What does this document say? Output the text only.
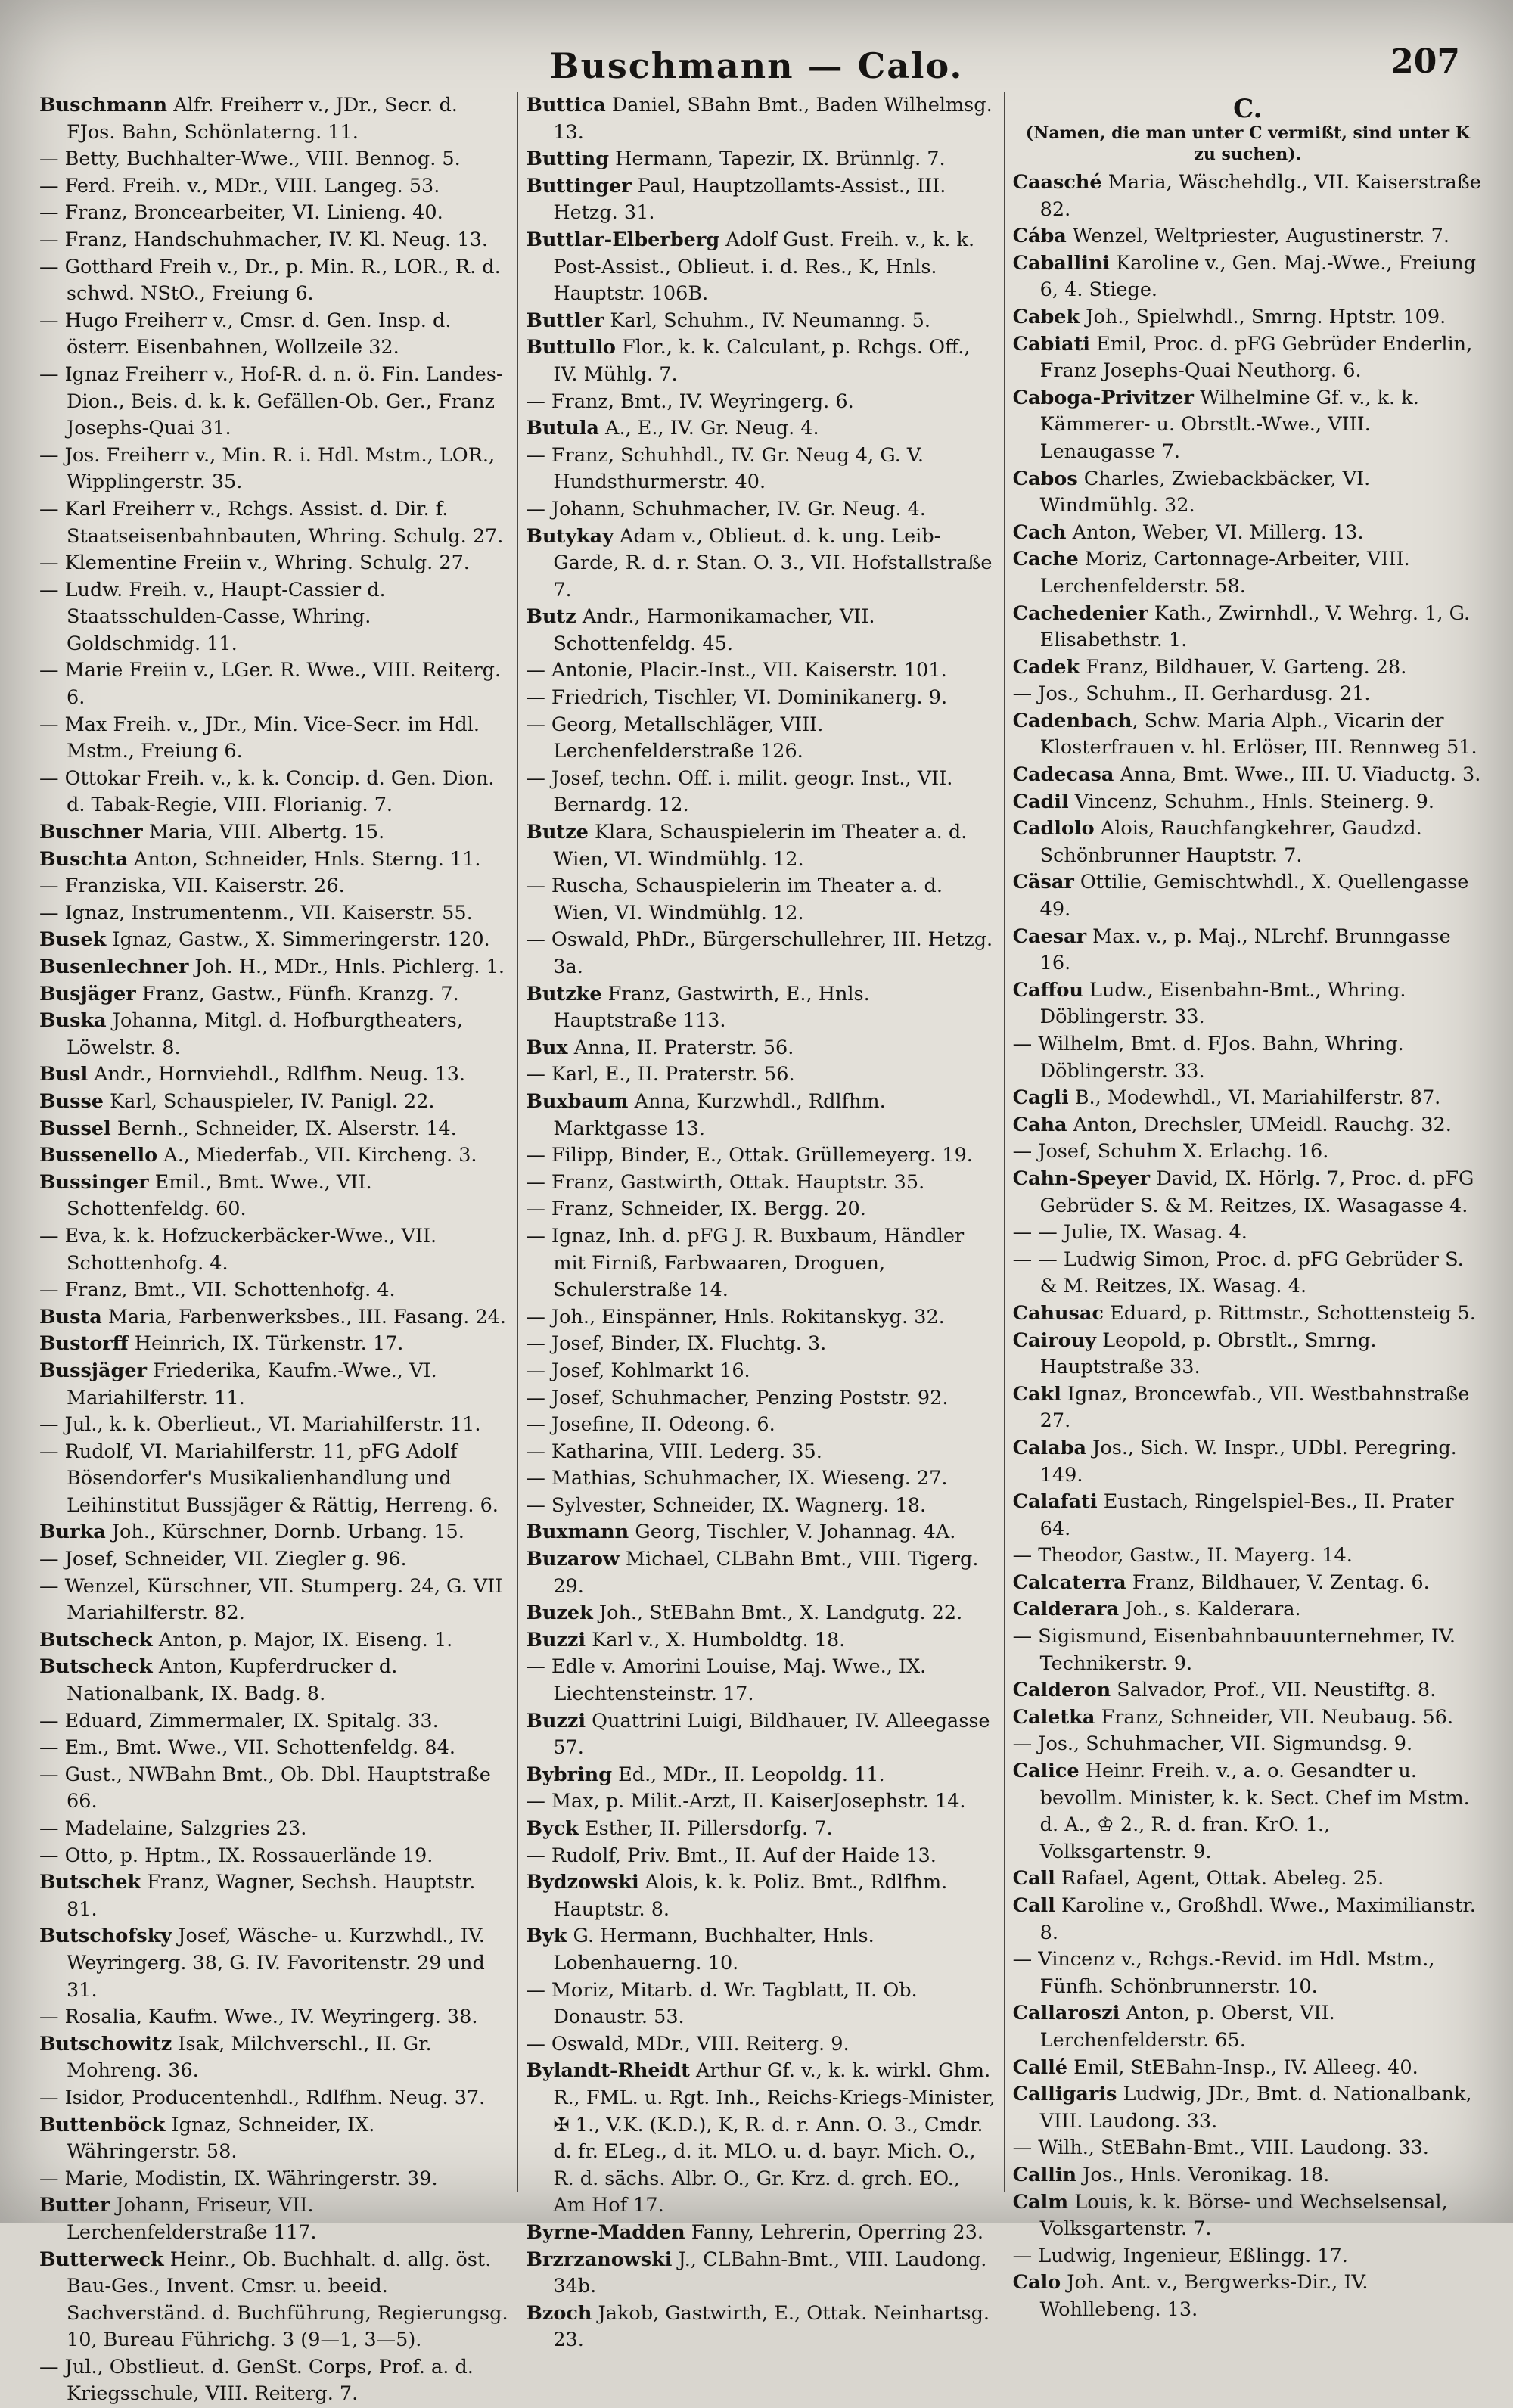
Buschmann — Calo.	207

Buschmann Alfr. Freiherr v., JDr., Secr. d. FJos. Bahn, Schönlaterng. 11.

— Betty, Buchhalter-Wwe., VIII. Bennog. 5.

— Ferd. Freih. v., MDr., VIII. Langeg. 53.

— Franz, Broncearbeiter, VI. Linieng. 40.

— Franz, Handschuhmacher, IV. Kl. Neug. 13.

— Gotthard Freih v., Dr., p. Min. R., LOR., R. d. schwd. NStO., Freiung 6.

— Hugo Freiherr v., Cmsr. d. Gen. Insp. d. österr. Eisenbahnen, Wollzeile 32.

— Ignaz Freiherr v., Hof-R. d. n. ö. Fin. Landes-Dion., Beis. d. k. k. Gefällen-Ob. Ger., Franz Josephs-Quai 31.

— Jos. Freiherr v., Min. R. i. Hdl. Mstm., LOR., Wipplingerstr. 35.

— Karl Freiherr v., Rchgs. Assist. d. Dir. f. Staatseisenbahnbauten, Whring. Schulg. 27.

— Klementine Freiin v., Whring. Schulg. 27.

— Ludw. Freih. v., Haupt-Cassier d. Staatsschulden-Casse, Whring. Goldschmidg. 11.

— Marie Freiin v., LGer. R. Wwe., VIII. Reiterg. 6.

— Max Freih. v., JDr., Min. Vice-Secr. im Hdl. Mstm., Freiung 6.

— Ottokar Freih. v., k. k. Concip. d. Gen. Dion. d. Tabak-Regie, VIII. Florianig. 7.

Buschner Maria, VIII. Albertg. 15.

Buschta Anton, Schneider, Hnls. Sterng. 11.

— Franziska, VII. Kaiserstr. 26.

— Ignaz, Instrumentenm., VII. Kaiserstr. 55.

Busek Ignaz, Gastw., X. Simmeringerstr. 120.

Busenlechner Joh. H., MDr., Hnls. Pichlerg. 1.

Busjäger Franz, Gastw., Fünfh. Kranzg. 7.

Buska Johanna, Mitgl. d. Hofburgtheaters, Löwelstr. 8.

Busl Andr., Hornviehdl., Rdlfhm. Neug. 13.

Busse Karl, Schauspieler, IV. Panigl. 22.

Bussel Bernh., Schneider, IX. Alserstr. 14.

Bussenello A., Miederfab., VII. Kircheng. 3.

Bussinger Emil., Bmt. Wwe., VII. Schottenfeldg. 60.

— Eva, k. k. Hofzuckerbäcker-Wwe., VII. Schottenhofg. 4.

— Franz, Bmt., VII. Schottenhofg. 4.

Busta Maria, Farbenwerksbes., III. Fasang. 24.

Bustorff Heinrich, IX. Türkenstr. 17.

Bussjäger Friederika, Kaufm.-Wwe., VI. Mariahilferstr. 11.

— Jul., k. k. Oberlieut., VI. Mariahilferstr. 11.

— Rudolf, VI. Mariahilferstr. 11, pFG Adolf Bösendorfer's Musikalienhandlung und Leihinstitut Bussjäger & Rättig, Herreng. 6.

Burka Joh., Kürschner, Dornb. Urbang. 15.

— Josef, Schneider, VII. Ziegler g. 96.

— Wenzel, Kürschner, VII. Stumperg. 24, G. VII Mariahilferstr. 82.

Butscheck Anton, p. Major, IX. Eiseng. 1.

Butscheck Anton, Kupferdrucker d. Nationalbank, IX. Badg. 8.

— Eduard, Zimmermaler, IX. Spitalg. 33.

— Em., Bmt. Wwe., VII. Schottenfeldg. 84.

— Gust., NWBahn Bmt., Ob. Dbl. Hauptstraße 66.

— Madelaine, Salzgries 23.

— Otto, p. Hptm., IX. Rossauerlände 19.

Butschek Franz, Wagner, Sechsh. Hauptstr. 81.

Butschofsky Josef, Wäsche- u. Kurzwhdl., IV. Weyringerg. 38, G. IV. Favoritenstr. 29 und 31.

— Rosalia, Kaufm. Wwe., IV. Weyringerg. 38.

Butschowitz Isak, Milchverschl., II. Gr. Mohreng. 36.

— Isidor, Producentenhdl., Rdlfhm. Neug. 37.

Buttenböck Ignaz, Schneider, IX. Währingerstr. 58.

— Marie, Modistin, IX. Währingerstr. 39.

Butter Johann, Friseur, VII. Lerchenfelderstraße 117.

Butterweck Heinr., Ob. Buchhalt. d. allg. öst. Bau-Ges., Invent. Cmsr. u. beeid. Sachverständ. d. Buchführung, Regierungsg. 10, Bureau Führichg. 3 (9—1, 3—5).

— Jul., Obstlieut. d. GenSt. Corps, Prof. a. d. Kriegsschule, VIII. Reiterg. 7.

Buttica Daniel, SBahn Bmt., Baden Wilhelmsg. 13.

Butting Hermann, Tapezir, IX. Brünnlg. 7.

Buttinger Paul, Hauptzollamts-Assist., III. Hetzg. 31.

Buttlar-Elberberg Adolf Gust. Freih. v., k. k. Post-Assist., Oblieut. i. d. Res., K, Hnls. Hauptstr. 106B.

Buttler Karl, Schuhm., IV. Neumanng. 5.

Buttullo Flor., k. k. Calculant, p. Rchgs. Off., IV. Mühlg. 7.

— Franz, Bmt., IV. Weyringerg. 6.

Butula A., E., IV. Gr. Neug. 4.

— Franz, Schuhhdl., IV. Gr. Neug 4, G. V. Hundsthurmerstr. 40.

— Johann, Schuhmacher, IV. Gr. Neug. 4.

Butykay Adam v., Oblieut. d. k. ung. Leib-Garde, R. d. r. Stan. O. 3., VII. Hofstallstraße 7.

Butz Andr., Harmonikamacher, VII. Schottenfeldg. 45.

— Antonie, Placir.-Inst., VII. Kaiserstr. 101.

— Friedrich, Tischler, VI. Dominikanerg. 9.

— Georg, Metallschläger, VIII. Lerchenfelderstraße 126.

— Josef, techn. Off. i. milit. geogr. Inst., VII. Bernardg. 12.

Butze Klara, Schauspielerin im Theater a. d. Wien, VI. Windmühlg. 12.

— Ruscha, Schauspielerin im Theater a. d. Wien, VI. Windmühlg. 12.

— Oswald, PhDr., Bürgerschullehrer, III. Hetzg. 3a.

Butzke Franz, Gastwirth, E., Hnls. Hauptstraße 113.

Bux Anna, II. Praterstr. 56.

— Karl, E., II. Praterstr. 56.

Buxbaum Anna, Kurzwhdl., Rdlfhm. Marktgasse 13.

— Filipp, Binder, E., Ottak. Grüllemeyerg. 19.

— Franz, Gastwirth, Ottak. Hauptstr. 35.

— Franz, Schneider, IX. Bergg. 20.

— Ignaz, Inh. d. pFG J. R. Buxbaum, Händler mit Firniß, Farbwaaren, Droguen, Schulerstraße 14.

— Joh., Einspänner, Hnls. Rokitanskyg. 32.

— Josef, Binder, IX. Fluchtg. 3.

— Josef, Kohlmarkt 16.

— Josef, Schuhmacher, Penzing Poststr. 92.

— Josefine, II. Odeong. 6.

— Katharina, VIII. Lederg. 35.

— Mathias, Schuhmacher, IX. Wieseng. 27.

— Sylvester, Schneider, IX. Wagnerg. 18.

Buxmann Georg, Tischler, V. Johannag. 4A.

Buzarow Michael, CLBahn Bmt., VIII. Tigerg. 29.

Buzek Joh., StEBahn Bmt., X. Landgutg. 22.

Buzzi Karl v., X. Humboldtg. 18.

— Edle v. Amorini Louise, Maj. Wwe., IX. Liechtensteinstr. 17.

Buzzi Quattrini Luigi, Bildhauer, IV. Alleegasse 57.

Bybring Ed., MDr., II. Leopoldg. 11.

— Max, p. Milit.-Arzt, II. KaiserJosephstr. 14.

Byck Esther, II. Pillersdorfg. 7.

— Rudolf, Priv. Bmt., II. Auf der Haide 13.

Bydzowski Alois, k. k. Poliz. Bmt., Rdlfhm. Hauptstr. 8.

Byk G. Hermann, Buchhalter, Hnls. Lobenhauerng. 10.

— Moriz, Mitarb. d. Wr. Tagblatt, II. Ob. Donaustr. 53.

— Oswald, MDr., VIII. Reiterg. 9.

Bylandt-Rheidt Arthur Gf. v., k. k. wirkl. Ghm. R., FML. u. Rgt. Inh., Reichs-Kriegs-Minister, ✠ 1., V.K. (K.D.), K, R. d. r. Ann. O. 3., Cmdr. d. fr. ELeg., d. it. MLO. u. d. bayr. Mich. O., R. d. sächs. Albr. O., Gr. Krz. d. grch. EO., Am Hof 17.

Byrne-Madden Fanny, Lehrerin, Operring 23.

Brzrzanowski J., CLBahn-Bmt., VIII. Laudong. 34b.

Bzoch Jakob, Gastwirth, E., Ottak. Neinhartsg. 23.

C.
(Namen, die man unter C vermißt, sind unter K zu suchen).

Caasché Maria, Wäschehdlg., VII. Kaiserstraße 82.

Cába Wenzel, Weltpriester, Augustinerstr. 7.

Caballini Karoline v., Gen. Maj.-Wwe., Freiung 6, 4. Stiege.

Cabek Joh., Spielwhdl., Smrng. Hptstr. 109.

Cabiati Emil, Proc. d. pFG Gebrüder Enderlin, Franz Josephs-Quai Neuthorg. 6.

Caboga-Privitzer Wilhelmine Gf. v., k. k. Kämmerer- u. Obrstlt.-Wwe., VIII. Lenaugasse 7.

Cabos Charles, Zwiebackbäcker, VI. Windmühlg. 32.

Cach Anton, Weber, VI. Millerg. 13.

Cache Moriz, Cartonnage-Arbeiter, VIII. Lerchenfelderstr. 58.

Cachedenier Kath., Zwirnhdl., V. Wehrg. 1, G. Elisabethstr. 1.

Cadek Franz, Bildhauer, V. Garteng. 28.

— Jos., Schuhm., II. Gerhardusg. 21.

Cadenbach, Schw. Maria Alph., Vicarin der Klosterfrauen v. hl. Erlöser, III. Rennweg 51.

Cadecasa Anna, Bmt. Wwe., III. U. Viaductg. 3.

Cadil Vincenz, Schuhm., Hnls. Steinerg. 9.

Cadlolo Alois, Rauchfangkehrer, Gaudzd. Schönbrunner Hauptstr. 7.

Cäsar Ottilie, Gemischtwhdl., X. Quellengasse 49.

Caesar Max. v., p. Maj., NLrchf. Brunngasse 16.

Caffou Ludw., Eisenbahn-Bmt., Whring. Döblingerstr. 33.

— Wilhelm, Bmt. d. FJos. Bahn, Whring. Döblingerstr. 33.

Cagli B., Modewhdl., VI. Mariahilferstr. 87.

Caha Anton, Drechsler, UMeidl. Rauchg. 32.

— Josef, Schuhm X. Erlachg. 16.

Cahn-Speyer David, IX. Hörlg. 7, Proc. d. pFG Gebrüder S. & M. Reitzes, IX. Wasagasse 4.

— — Julie, IX. Wasag. 4.

— — Ludwig Simon, Proc. d. pFG Gebrüder S. & M. Reitzes, IX. Wasag. 4.

Cahusac Eduard, p. Rittmstr., Schottensteig 5.

Cairouy Leopold, p. Obrstlt., Smrng. Hauptstraße 33.

Cakl Ignaz, Broncewfab., VII. Westbahnstraße 27.

Calaba Jos., Sich. W. Inspr., UDbl. Peregring. 149.

Calafati Eustach, Ringelspiel-Bes., II. Prater 64.

— Theodor, Gastw., II. Mayerg. 14.

Calcaterra Franz, Bildhauer, V. Zentag. 6.

Calderara Joh., s. Kalderara.

— Sigismund, Eisenbahnbauunternehmer, IV. Technikerstr. 9.

Calderon Salvador, Prof., VII. Neustiftg. 8.

Caletka Franz, Schneider, VII. Neubaug. 56.

— Jos., Schuhmacher, VII. Sigmundsg. 9.

Calice Heinr. Freih. v., a. o. Gesandter u. bevollm. Minister, k. k. Sect. Chef im Mstm. d. A., ♔ 2., R. d. fran. KrO. 1., Volksgartenstr. 9.

Call Rafael, Agent, Ottak. Abeleg. 25.

Call Karoline v., Großhdl. Wwe., Maximilianstr. 8.

— Vincenz v., Rchgs.-Revid. im Hdl. Mstm., Fünfh. Schönbrunnerstr. 10.

Callaroszi Anton, p. Oberst, VII. Lerchenfelderstr. 65.

Callé Emil, StEBahn-Insp., IV. Alleeg. 40.

Calligaris Ludwig, JDr., Bmt. d. Nationalbank, VIII. Laudong. 33.

— Wilh., StEBahn-Bmt., VIII. Laudong. 33.

Callin Jos., Hnls. Veronikag. 18.

Calm Louis, k. k. Börse- und Wechselsensal, Volksgartenstr. 7.

— Ludwig, Ingenieur, Eßlingg. 17.

Calo Joh. Ant. v., Bergwerks-Dir., IV. Wohllebeng. 13.
